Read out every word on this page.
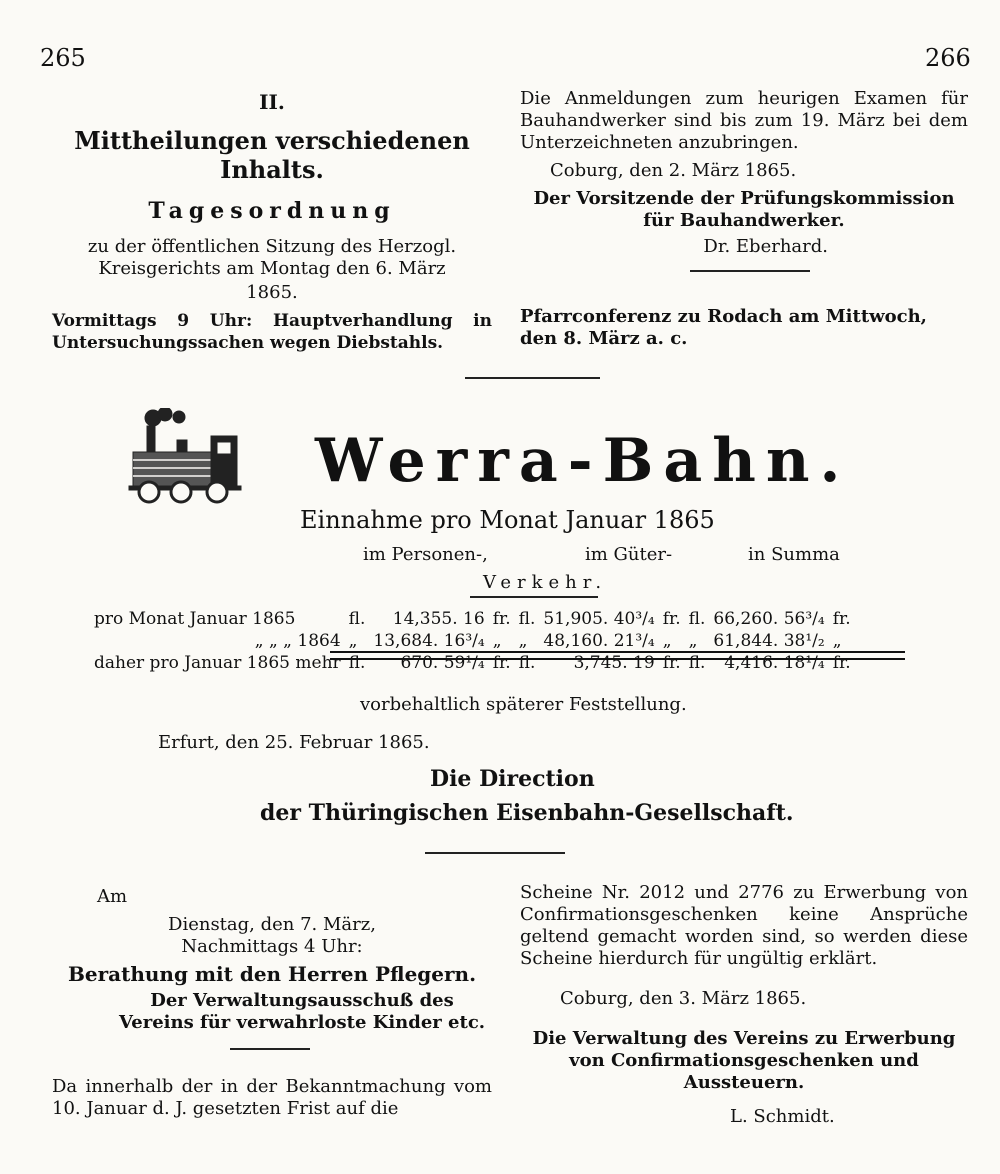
265	266
II.
Mittheilungen verschiedenen Inhalts.
Tagesordnung
zu der öffentlichen Sitzung des Herzogl. Kreisgerichts am Montag den 6. März
1865.
Vormittags 9 Uhr: Hauptverhandlung in Untersuchungssachen wegen Diebstahls.
Die Anmeldungen zum heurigen Examen für Bauhandwerker sind bis zum 19. März bei dem Unterzeichneten anzubringen.
Coburg, den 2. März 1865.
Der Vorsitzende der Prüfungskommission für Bauhandwerker.
Dr. Eberhard.
Pfarrconferenz zu Rodach am Mittwoch, den 8. März a. c.
Werra-Bahn.
Einnahme pro Monat Januar 1865
im Personen-,	im Güter-	in Summa
Verkehr.
pro Monat Januar 1865	fl.	14,355. 16	fr.	fl.	51,905. 40³/₄	fr.	fl.	66,260. 56³/₄	fr.
„ „ „ 1864	„	13,684. 16³/₄	„	„	48,160. 21³/₄	„	„	61,844. 38¹/₂	„
daher pro Januar 1865 mehr	fl.	670. 59¹/₄	fr.	fl.	3,745. 19	fr.	fl.	4,416. 18¹/₄	fr.
vorbehaltlich späterer Feststellung.
Erfurt, den 25. Februar 1865.
Die Direction
der Thüringischen Eisenbahn-Gesellschaft.
Am
Dienstag, den 7. März,
Nachmittags 4 Uhr:
Berathung mit den Herren Pflegern.
Der Verwaltungsausschuß des Vereins für verwahrloste Kinder etc.
Da innerhalb der in der Bekanntmachung vom 10. Januar d. J. gesetzten Frist auf die
Scheine Nr. 2012 und 2776 zu Erwerbung von Confirmationsgeschenken keine Ansprüche geltend gemacht worden sind, so werden diese Scheine hierdurch für ungültig erklärt.
Coburg, den 3. März 1865.
Die Verwaltung des Vereins zu Erwerbung von Confirmationsgeschenken und Aussteuern.
L. Schmidt.
